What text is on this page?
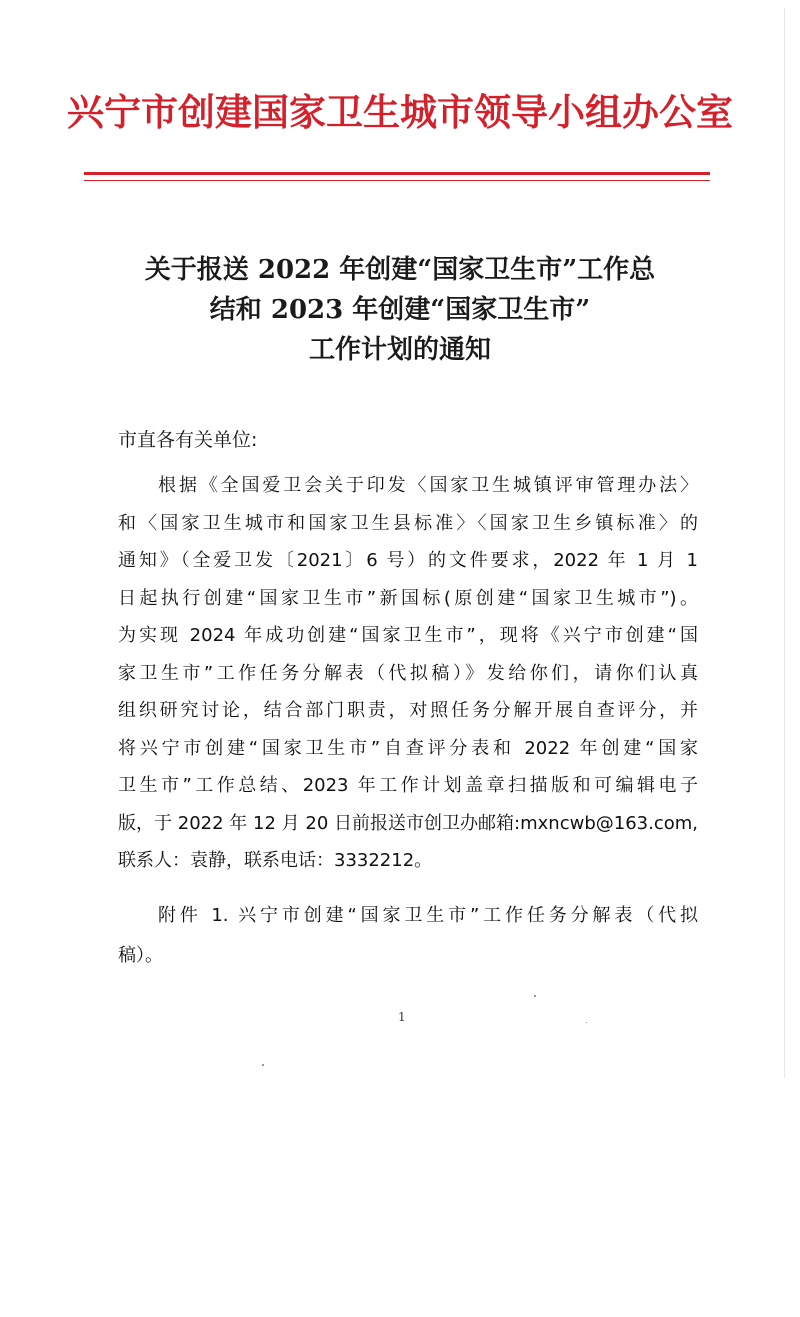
兴宁市创建国家卫生城市领导小组办公室
关于报送 2022 年创建“国家卫生市”工作总
结和 2023 年创建“国家卫生市”
工作计划的通知
市直各有关单位:
根据《全国爱卫会关于印发〈国家卫生城镇评审管理办法〉
和〈国家卫生城市和国家卫生县标准〉〈国家卫生乡镇标准〉的
通知》（全爱卫发〔2021〕6 号）的文件要求，2022 年 1 月 1
日起执行创建“国家卫生市”新国标(原创建“国家卫生城市”)。
为实现 2024 年成功创建“国家卫生市”，现将《兴宁市创建“国
家卫生市”工作任务分解表（代拟稿）》发给你们，请你们认真
组织研究讨论，结合部门职责，对照任务分解开展自查评分，并
将兴宁市创建“国家卫生市”自查评分表和 2022 年创建“国家
卫生市”工作总结、2023 年工作计划盖章扫描版和可编辑电子
版，于 2022 年 12 月 20 日前报送市创卫办邮箱:mxncwb@163.com,
联系人：袁静，联系电话：3332212。
附件 1. 兴宁市创建“国家卫生市”工作任务分解表（代拟
稿）。
1
